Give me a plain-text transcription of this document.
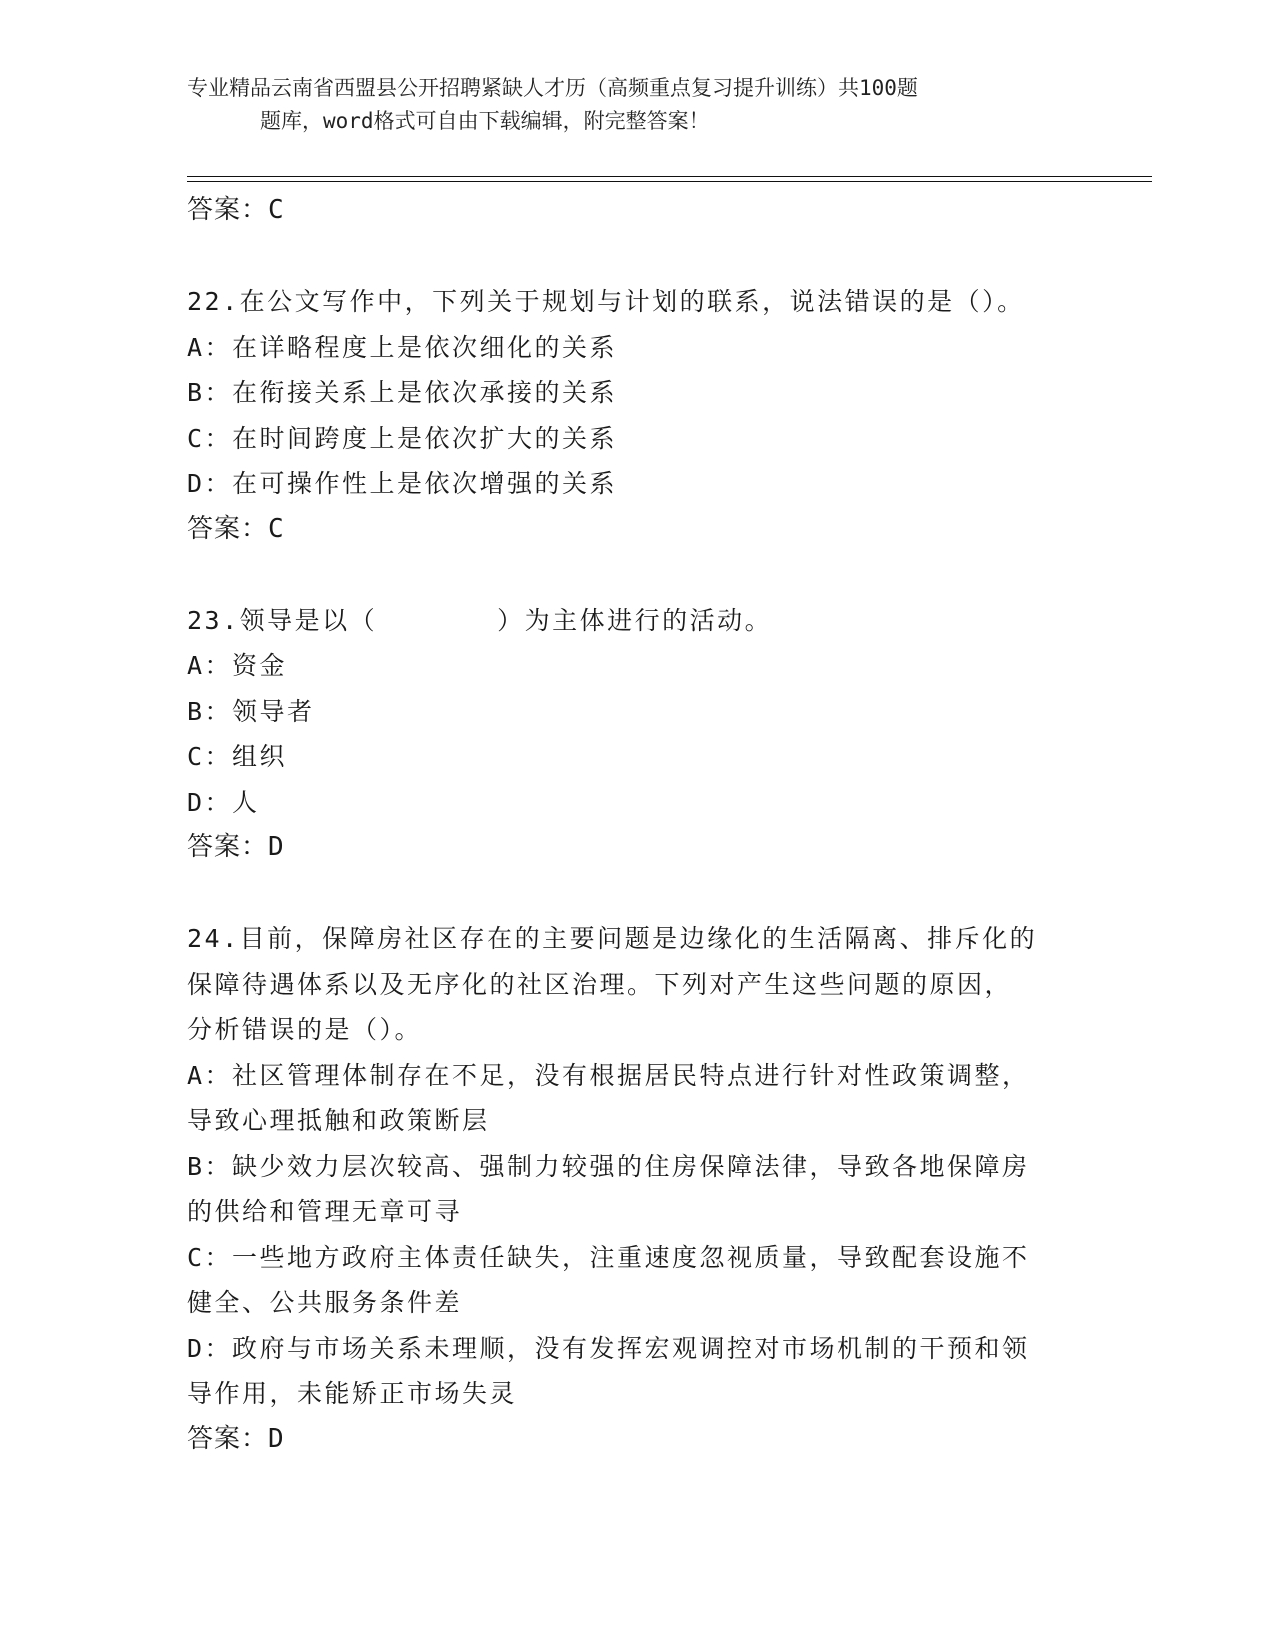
专业精品云南省西盟县公开招聘紧缺人才历（高频重点复习提升训练）共100题
题库，word格式可自由下载编辑，附完整答案！
答案：C
22.在公文写作中，下列关于规划与计划的联系，说法错误的是（）。
A：在详略程度上是依次细化的关系
B：在衔接关系上是依次承接的关系
C：在时间跨度上是依次扩大的关系
D：在可操作性上是依次增强的关系
答案：C
23.领导是以（	）为主体进行的活动。
A：资金
B：领导者
C：组织
D：人
答案：D
24.目前，保障房社区存在的主要问题是边缘化的生活隔离、排斥化的
保障待遇体系以及无序化的社区治理。下列对产生这些问题的原因，
分析错误的是（）。
A：社区管理体制存在不足，没有根据居民特点进行针对性政策调整，
导致心理抵触和政策断层
B：缺少效力层次较高、强制力较强的住房保障法律，导致各地保障房
的供给和管理无章可寻
C：一些地方政府主体责任缺失，注重速度忽视质量，导致配套设施不
健全、公共服务条件差
D：政府与市场关系未理顺，没有发挥宏观调控对市场机制的干预和领
导作用，未能矫正市场失灵
答案：D
